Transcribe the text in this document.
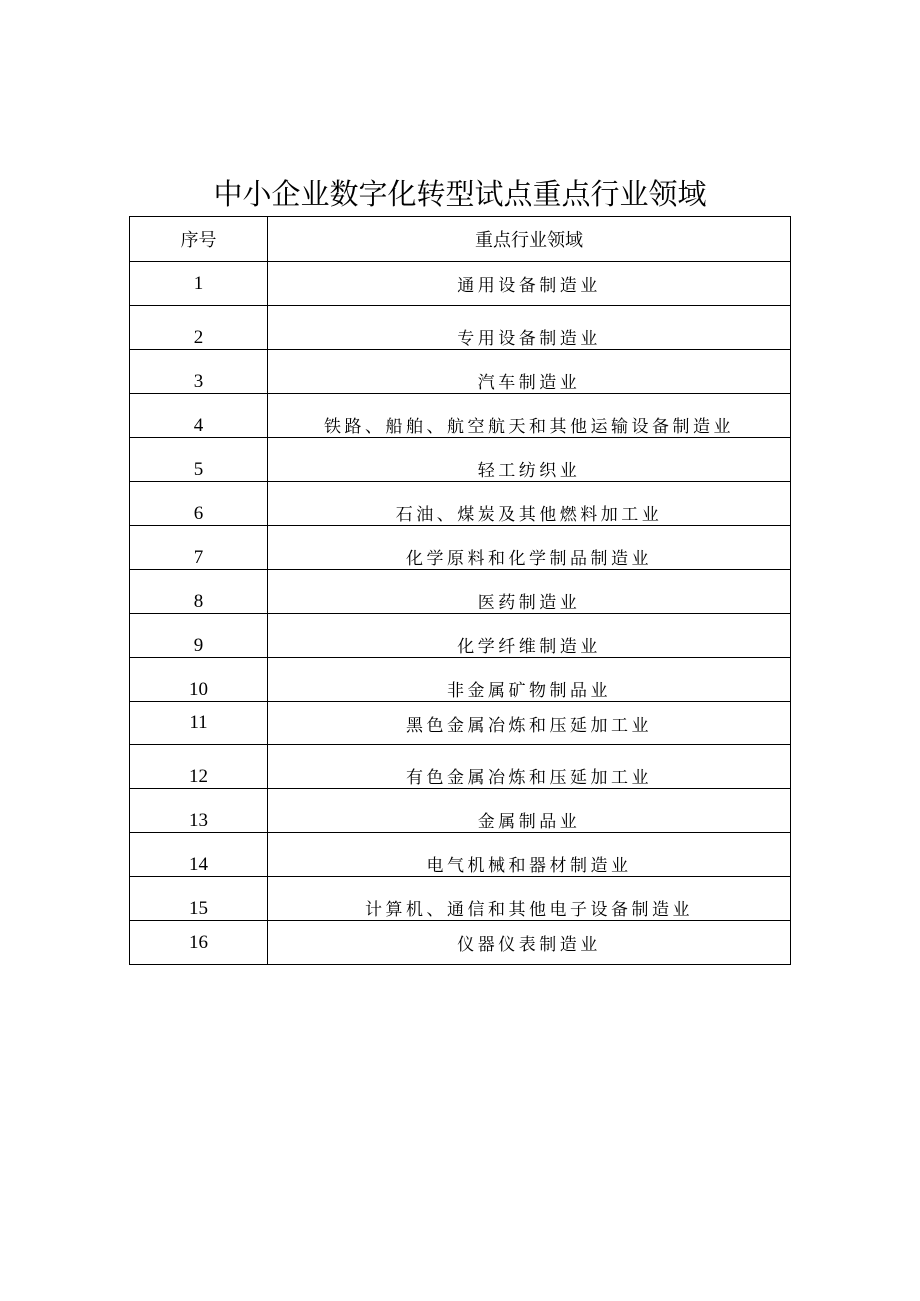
中小企业数字化转型试点重点行业领域
序号	重点行业领域
1	通用设备制造业
2	专用设备制造业
3	汽车制造业
4	铁路、船舶、航空航天和其他运输设备制造业
5	轻工纺织业
6	石油、煤炭及其他燃料加工业
7	化学原料和化学制品制造业
8	医药制造业
9	化学纤维制造业
10	非金属矿物制品业
11	黑色金属冶炼和压延加工业
12	有色金属冶炼和压延加工业
13	金属制品业
14	电气机械和器材制造业
15	计算机、通信和其他电子设备制造业
16	仪器仪表制造业
